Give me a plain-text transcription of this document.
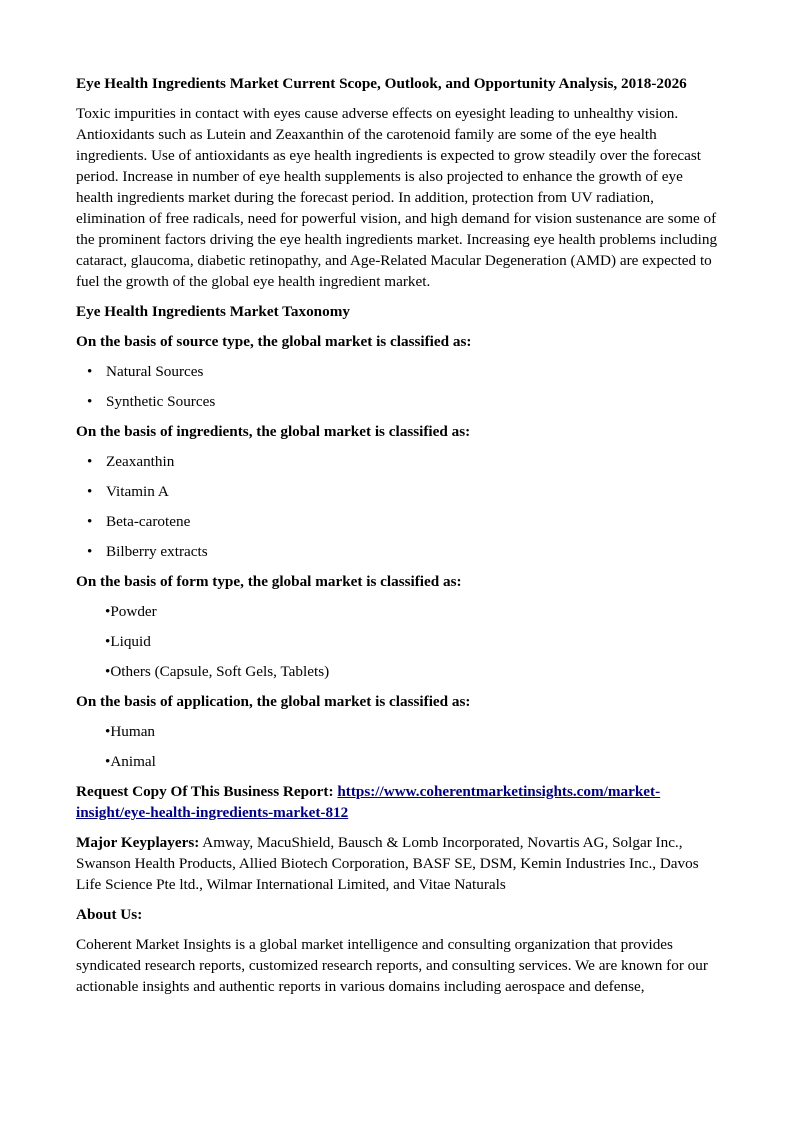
Eye Health Ingredients Market Current Scope, Outlook, and Opportunity Analysis, 2018-2026

Toxic impurities in contact with eyes cause adverse effects on eyesight leading to unhealthy vision. Antioxidants such as Lutein and Zeaxanthin of the carotenoid family are some of the eye health ingredients. Use of antioxidants as eye health ingredients is expected to grow steadily over the forecast period. Increase in number of eye health supplements is also projected to enhance the growth of eye health ingredients market during the forecast period. In addition, protection from UV radiation, elimination of free radicals, need for powerful vision, and high demand for vision sustenance are some of the prominent factors driving the eye health ingredients market. Increasing eye health problems including cataract, glaucoma, diabetic retinopathy, and Age-Related Macular Degeneration (AMD) are expected to fuel the growth of the global eye health ingredient market.

Eye Health Ingredients Market Taxonomy

On the basis of source type, the global market is classified as:

• Natural Sources
• Synthetic Sources

On the basis of ingredients, the global market is classified as:

• Zeaxanthin
• Vitamin A
• Beta-carotene
• Bilberry extracts

On the basis of form type, the global market is classified as:

•Powder
•Liquid
•Others (Capsule, Soft Gels, Tablets)

On the basis of application, the global market is classified as:

•Human
•Animal

Request Copy Of This Business Report: https://www.coherentmarketinsights.com/market-insight/eye-health-ingredients-market-812

Major Keyplayers: Amway, MacuShield, Bausch & Lomb Incorporated, Novartis AG, Solgar Inc., Swanson Health Products, Allied Biotech Corporation, BASF SE, DSM, Kemin Industries Inc., Davos Life Science Pte ltd., Wilmar International Limited, and Vitae Naturals

About Us:

Coherent Market Insights is a global market intelligence and consulting organization that provides syndicated research reports, customized research reports, and consulting services. We are known for our actionable insights and authentic reports in various domains including aerospace and defense,
